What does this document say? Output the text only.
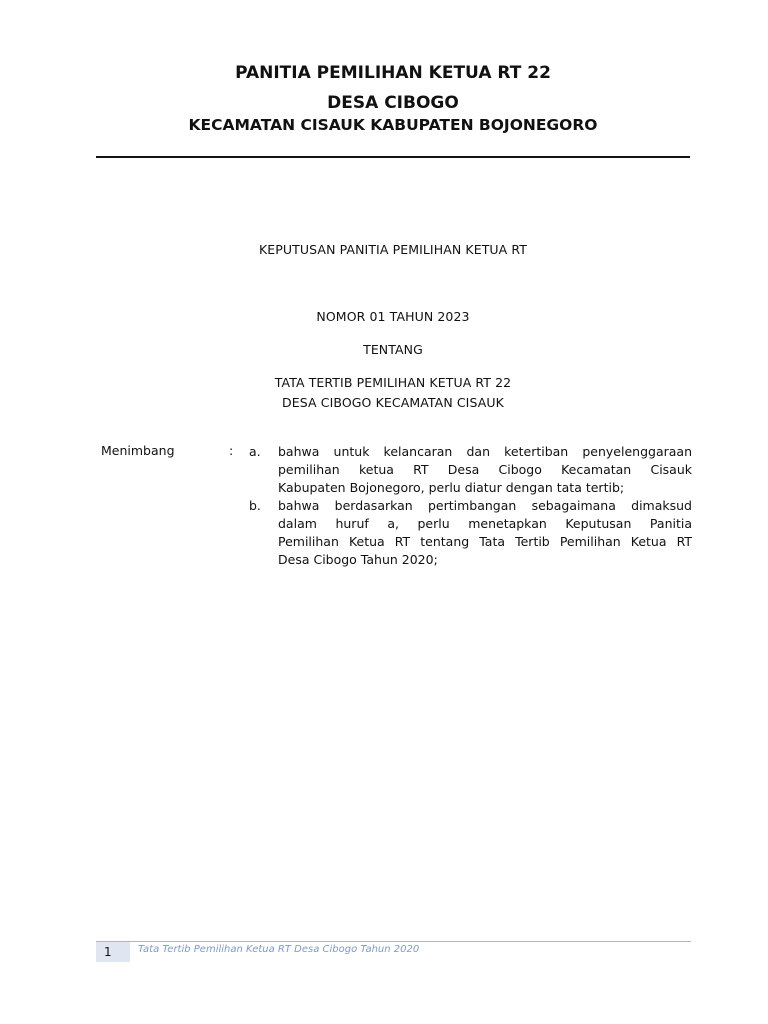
PANITIA PEMILIHAN KETUA RT 22
DESA CIBOGO
KECAMATAN CISAUK KABUPATEN BOJONEGORO
KEPUTUSAN PANITIA PEMILIHAN KETUA RT
NOMOR 01 TAHUN 2023
TENTANG
TATA TERTIB PEMILIHAN KETUA RT 22
DESA CIBOGO KECAMATAN CISAUK
Menimbang	: a.	bahwa untuk kelancaran dan ketertiban penyelenggaraan
pemilihan ketua RT Desa Cibogo Kecamatan Cisauk
Kabupaten Bojonegoro, perlu diatur dengan tata tertib;
b.	bahwa berdasarkan pertimbangan sebagaimana dimaksud
dalam huruf a, perlu menetapkan Keputusan Panitia
Pemilihan Ketua RT tentang Tata Tertib Pemilihan Ketua RT
Desa Cibogo Tahun 2020;
1	Tata Tertib Pemilihan Ketua RT Desa Cibogo Tahun 2020
